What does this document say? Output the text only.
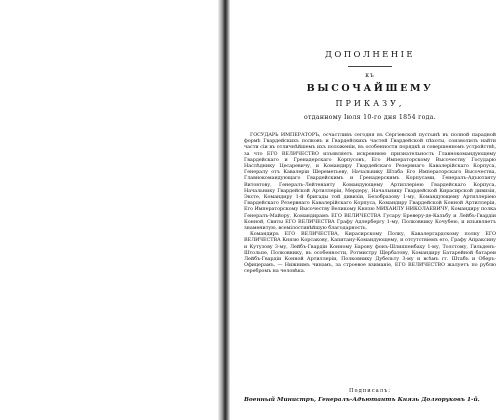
ДОПОЛНЕНIЕ
къ
ВЫСОЧАЙШЕМУ
ПРИКАЗУ,
отданному Iюля 10-го дня 1854 года.

ГОСУДАРЬ ИМПЕРАТОРЪ, осчастливъ сегодня въ Сергiевской пустынѣ въ полной парадной формѣ Гвардейскихъ полковъ и Гвардейскихъ частей Гвардейской пѣхоты, соизволилъ найти части сiи въ отличнѣйшемъ ихъ положенiи, въ особенности порядкѣ и совершенномъ устройствѣ, за что ЕГО ВЕЛИЧЕСТВО изъявляетъ искреннюю признательность Главнокомандующему Гвардейскаго и Гренадерскаго Корпусовъ, Его Императорскому Высочеству Государю Наслѣднику Цесаревичу, и Командиру Гвардейскаго Резервнаго Кавалерiйскаго Корпуса, Генералу отъ Кавалерiи Шереметьеву, Начальнику Штаба Его Императорскаго Высочества, Главнокомандующаго Гвардейскимъ и Гренадерскимъ Корпусами, Генералъ-Адъютанту Витовтову, Генералъ-Лейтенанту Командующему Артиллерiею Гвардейскаго Корпуса, Начальнику Гвардейской Артиллерiи, Мердеру, Начальнику Гвардейской Кирасирской дивизiи, Эксте, Командиру 1-й бригады той дивизiи, Безобразову 1-му, Командующему Артиллерiею Гвардейскаго Резервнаго Кавалерiйскаго Корпуса, Командиру Гвардейской Конной Артиллерiи, Его Императорскому Высочеству Великому Князю МИХАИЛУ НИКОЛАЕВИЧУ, Командиру полка Генералъ-Майору, Командирамъ ЕГО ВЕЛИЧЕСТВА Гусару Бреверу-де-Кальбу и Лейбъ-Гвардiи Конной, Свиты ЕГО ВЕЛИЧЕСТВА Графу Адлербергу 1-му, Полковнику Кочубею, и изъявляетъ знаменитую, всемiлостивѣйшую благодарность.

Командиръ ЕГО ВЕЛИЧЕСТВА, Кирасирскому Полку, Кавалергардскому полку ЕГО ВЕЛИЧЕСТВА Князю Корсакову, Капитану-Командующему, и отсутствiемъ его, Графу Апраксину и Кутузову 3-му, Лейбъ-Гвардiи Конному Барону фонъ-Шлиппенбаху 1-му, Толстому, Гильденъ-Штольпе, Полковнику, въ особенности, Ротмистру Щербатову, Командиру Батарейной батареи Лейбъ-Гвардiи Конной Артиллерiи, Полковнику Дубельту 3-му и всѣмъ гг. Штабъ и Оберъ-Офицерамъ. — Нижнимъ чинамъ, за строевое взиманiе, ЕГО ВЕЛИЧЕСТВО жалуетъ по рублю серебромъ на человѣка.

Подписалъ:
Военный Министръ, Генералъ-Адъютантъ Князь Долгоруковъ 1-й.
